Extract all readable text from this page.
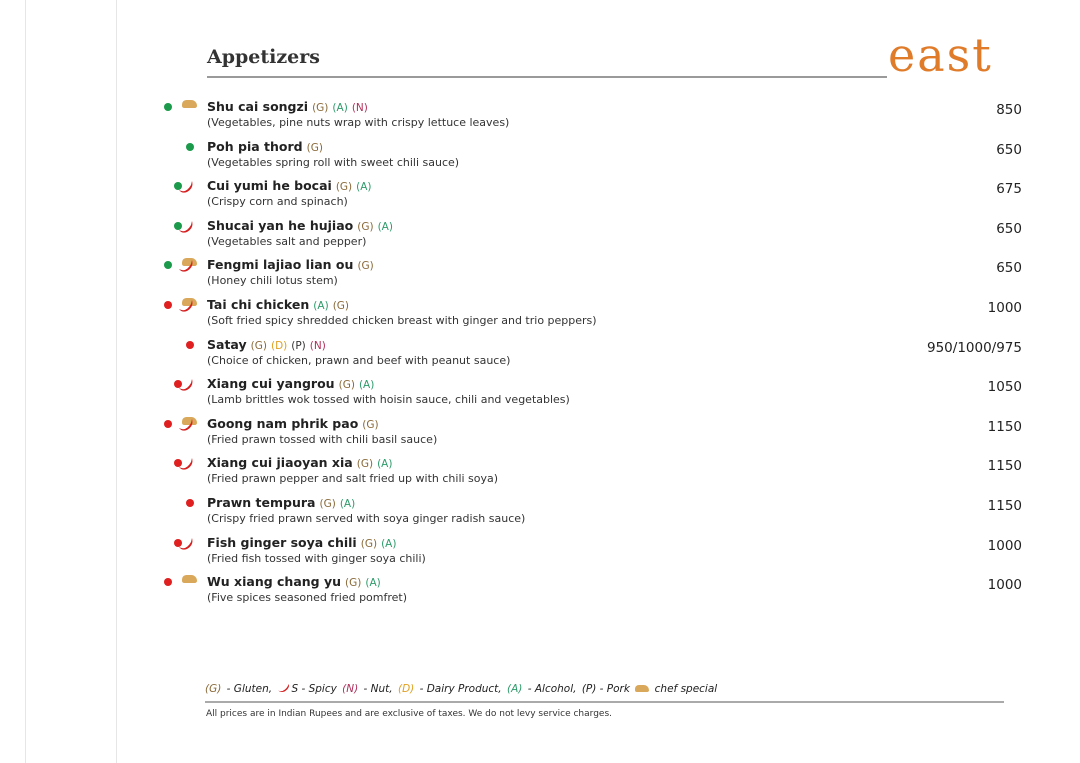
Appetizers	east
Shu cai songzi (G) (A) (N)
(Vegetables, pine nuts wrap with crispy lettuce leaves)
850
Poh pia thord (G)
(Vegetables spring roll with sweet chili sauce)
650
Cui yumi he bocai (G) (A)
(Crispy corn and spinach)
675
Shucai yan he hujiao (G) (A)
(Vegetables salt and pepper)
650
Fengmi lajiao lian ou (G)
(Honey chili lotus stem)
650
Tai chi chicken (A) (G)
(Soft fried spicy shredded chicken breast with ginger and trio peppers)
1000
Satay (G) (D) (P) (N)
(Choice of chicken, prawn and beef with peanut sauce)
950/1000/975
Xiang cui yangrou (G) (A)
(Lamb brittles wok tossed with hoisin sauce, chili and vegetables)
1050
Goong nam phrik pao (G)
(Fried prawn tossed with chili basil sauce)
1150
Xiang cui jiaoyan xia (G) (A)
(Fried prawn pepper and salt fried up with chili soya)
1150
Prawn tempura (G) (A)
(Crispy fried prawn served with soya ginger radish sauce)
1150
Fish ginger soya chili (G) (A)
(Fried fish tossed with ginger soya chili)
1000
Wu xiang chang yu (G) (A)
(Five spices seasoned fried pomfret)
1000
(G) - Gluten, S - Spicy (N) - Nut, (D) - Dairy Product, (A) - Alcohol, (P) - Pork  chef special
All prices are in Indian Rupees and are exclusive of taxes. We do not levy service charges.
